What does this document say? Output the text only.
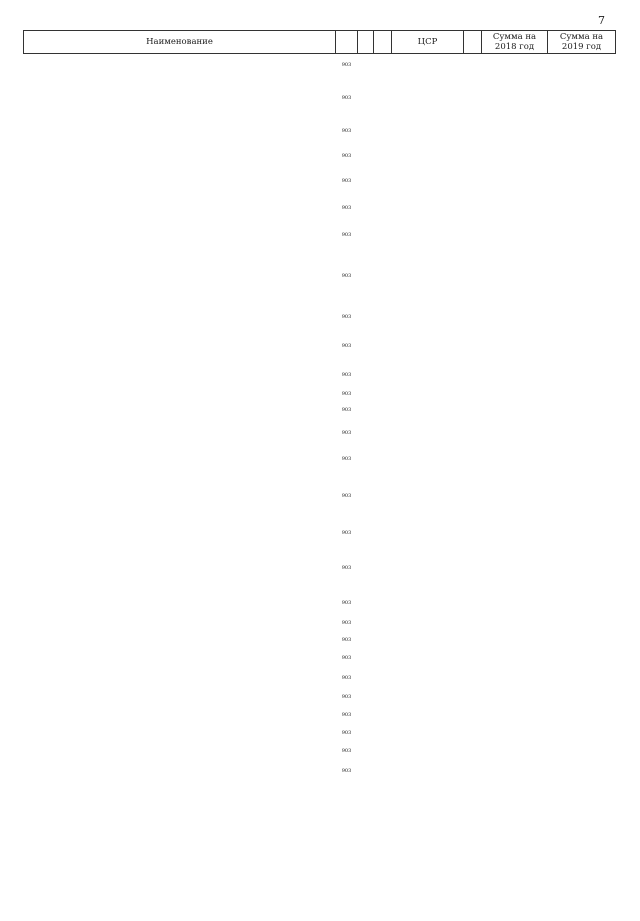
7
Наименование				ЦСР		Сумма на 2018 год	Сумма на 2019 год
	903						
	903						
	903						
	903						
	903						
	903						
	903						
	903						
	903						
	903						
	903						
	903						
	903						
	903						
	903						
	903						
	903						
	903						
	903						
	903						
	903						
	903						
	903						
	903						
	903						
	903						
	903						
	903						
